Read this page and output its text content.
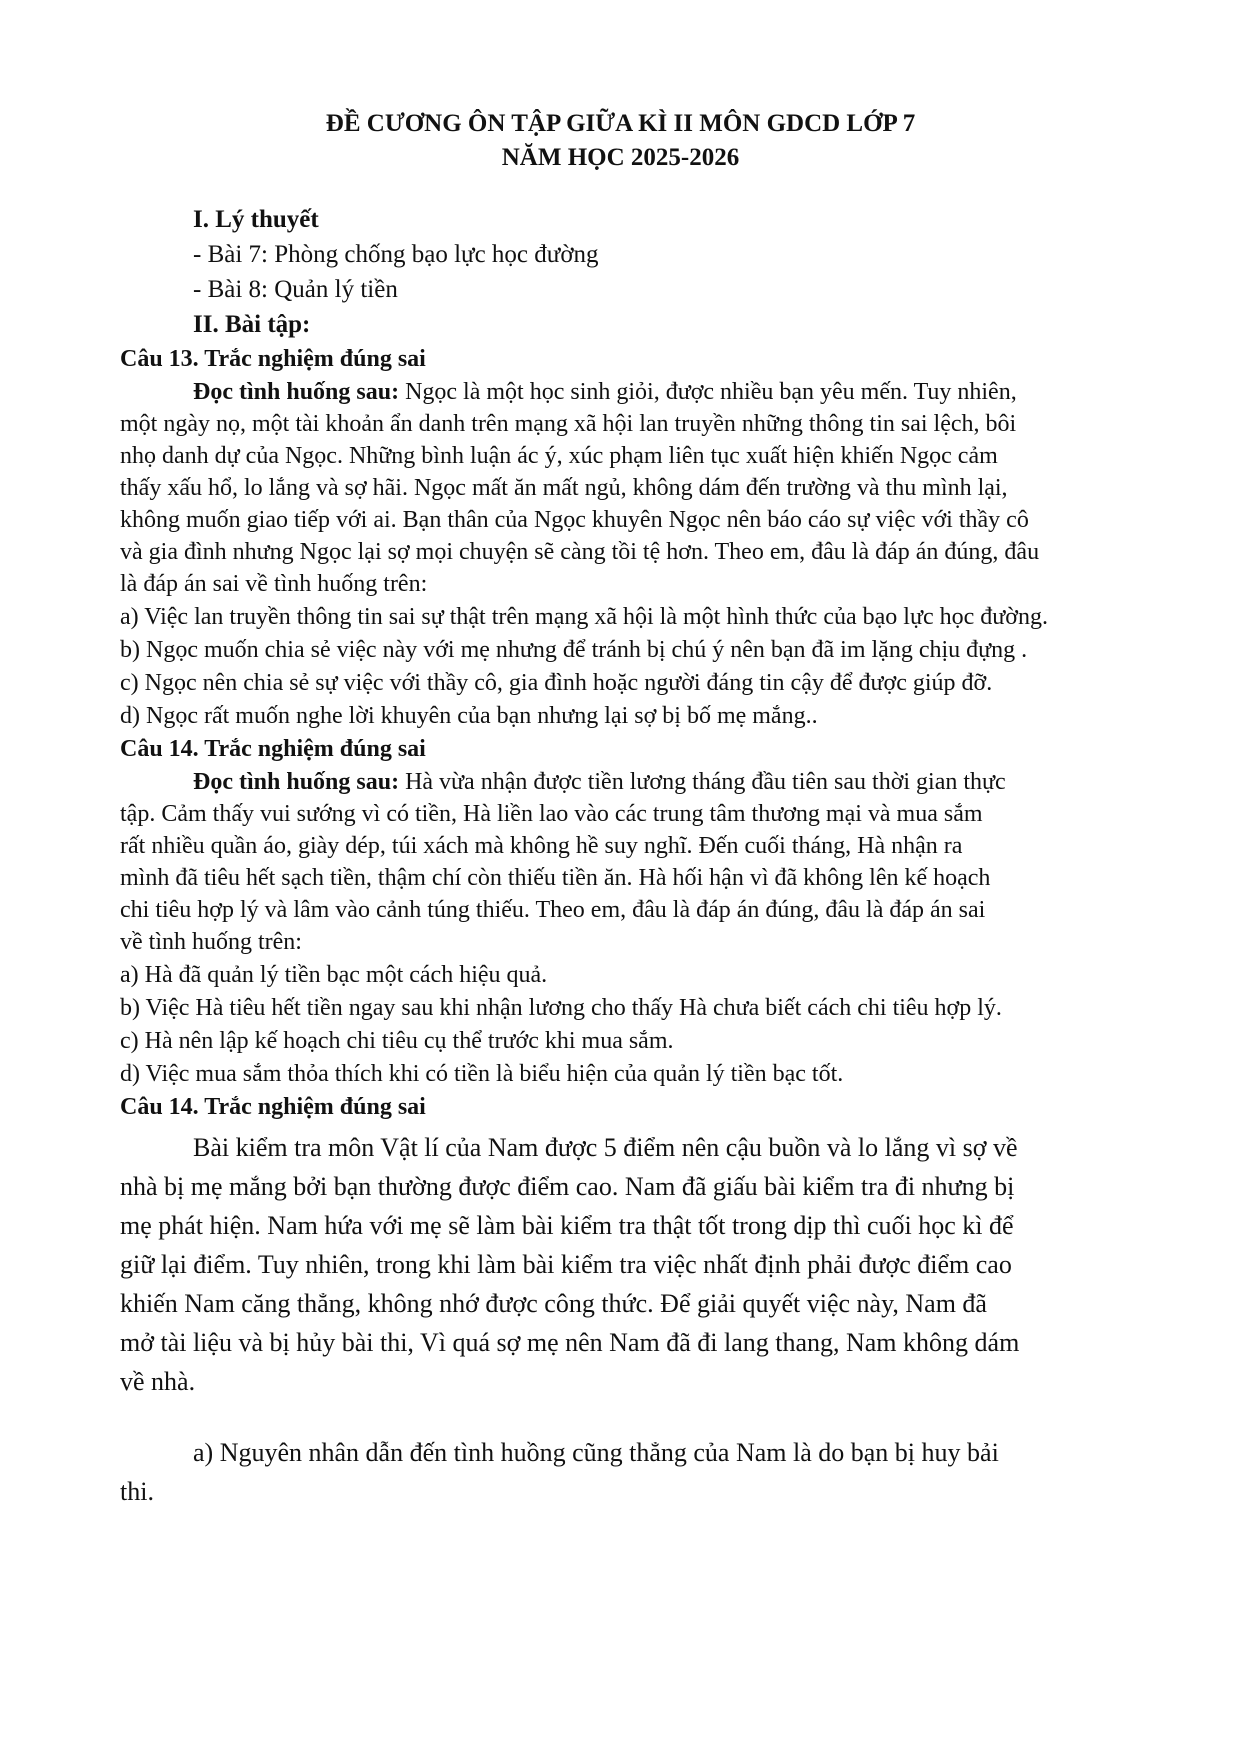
ĐỀ CƯƠNG ÔN TẬP GIỮA KÌ II MÔN GDCD LỚP 7
NĂM HỌC 2025-2026
I. Lý thuyết
- Bài 7: Phòng chống bạo lực học đường
- Bài 8: Quản lý tiền
II. Bài tập:
Câu 13. Trắc nghiệm đúng sai
Đọc tình huống sau: Ngọc là một học sinh giỏi, được nhiều bạn yêu mến. Tuy nhiên,
một ngày nọ, một tài khoản ẩn danh trên mạng xã hội lan truyền những thông tin sai lệch, bôi
nhọ danh dự của Ngọc. Những bình luận ác ý, xúc phạm liên tục xuất hiện khiến Ngọc cảm
thấy xấu hổ, lo lắng và sợ hãi. Ngọc mất ăn mất ngủ, không dám đến trường và thu mình lại,
không muốn giao tiếp với ai. Bạn thân của Ngọc khuyên Ngọc nên báo cáo sự việc với thầy cô
và gia đình nhưng Ngọc lại sợ mọi chuyện sẽ càng tồi tệ hơn. Theo em, đâu là đáp án đúng, đâu
là đáp án sai về tình huống trên:
a) Việc lan truyền thông tin sai sự thật trên mạng xã hội là một hình thức của bạo lực học đường.
b) Ngọc muốn chia sẻ việc này với mẹ nhưng để tránh bị chú ý nên bạn đã im lặng chịu đựng .
c) Ngọc nên chia sẻ sự việc với thầy cô, gia đình hoặc người đáng tin cậy để được giúp đỡ.
d) Ngọc rất muốn nghe lời khuyên của bạn nhưng lại sợ bị bố mẹ mắng..
Câu 14. Trắc nghiệm đúng sai
Đọc tình huống sau: Hà vừa nhận được tiền lương tháng đầu tiên sau thời gian thực
tập. Cảm thấy vui sướng vì có tiền, Hà liền lao vào các trung tâm thương mại và mua sắm
rất nhiều quần áo, giày dép, túi xách mà không hề suy nghĩ. Đến cuối tháng, Hà nhận ra
mình đã tiêu hết sạch tiền, thậm chí còn thiếu tiền ăn. Hà hối hận vì đã không lên kế hoạch
chi tiêu hợp lý và lâm vào cảnh túng thiếu. Theo em, đâu là đáp án đúng, đâu là đáp án sai
về tình huống trên:
a) Hà đã quản lý tiền bạc một cách hiệu quả.
b) Việc Hà tiêu hết tiền ngay sau khi nhận lương cho thấy Hà chưa biết cách chi tiêu hợp lý.
c) Hà nên lập kế hoạch chi tiêu cụ thể trước khi mua sắm.
d) Việc mua sắm thỏa thích khi có tiền là biểu hiện của quản lý tiền bạc tốt.
Câu 14. Trắc nghiệm đúng sai
Bài kiểm tra môn Vật lí của Nam được 5 điểm nên cậu buồn và lo lắng vì sợ về
nhà bị mẹ mắng bởi bạn thường được điểm cao. Nam đã giấu bài kiểm tra đi nhưng bị
mẹ phát hiện. Nam hứa với mẹ sẽ làm bài kiểm tra thật tốt trong dịp thì cuối học kì để
giữ lại điểm. Tuy nhiên, trong khi làm bài kiểm tra việc nhất định phải được điểm cao
khiến Nam căng thẳng, không nhớ được công thức. Để giải quyết việc này, Nam đã
mở tài liệu và bị hủy bài thi, Vì quá sợ mẹ nên Nam đã đi lang thang, Nam không dám
về nhà.
a) Nguyên nhân dẫn đến tình huồng cũng thẳng của Nam là do bạn bị huy bải
thi.
